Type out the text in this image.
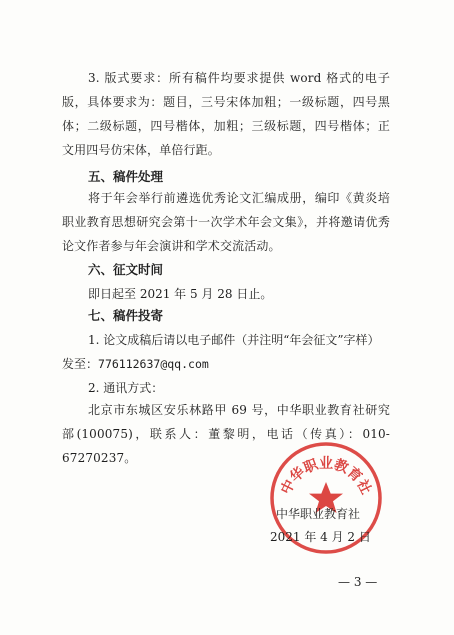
3. 版式要求：所有稿件均要求提供 word 格式的电子版，具体要求为：题目，三号宋体加粗；一级标题，四号黑体；二级标题，四号楷体，加粗；三级标题，四号楷体；正文用四号仿宋体，单倍行距。
五、稿件处理
将于年会举行前遴选优秀论文汇编成册，编印《黄炎培职业教育思想研究会第十一次学术年会文集》，并将邀请优秀论文作者参与年会演讲和学术交流活动。
六、征文时间
即日起至 2021 年 5 月 28 日止。
七、稿件投寄
1. 论文成稿后请以电子邮件（并注明“年会征文”字样）
发至：776112637@qq.com
2. 通讯方式：
北京市东城区安乐林路甲 69 号，中华职业教育社研究部(100075)，联系人：董黎明，电话（传真）：010-67270237。
中华职业教育社
中华职业教育社
2021 年 4 月 2 日
— 3 —
